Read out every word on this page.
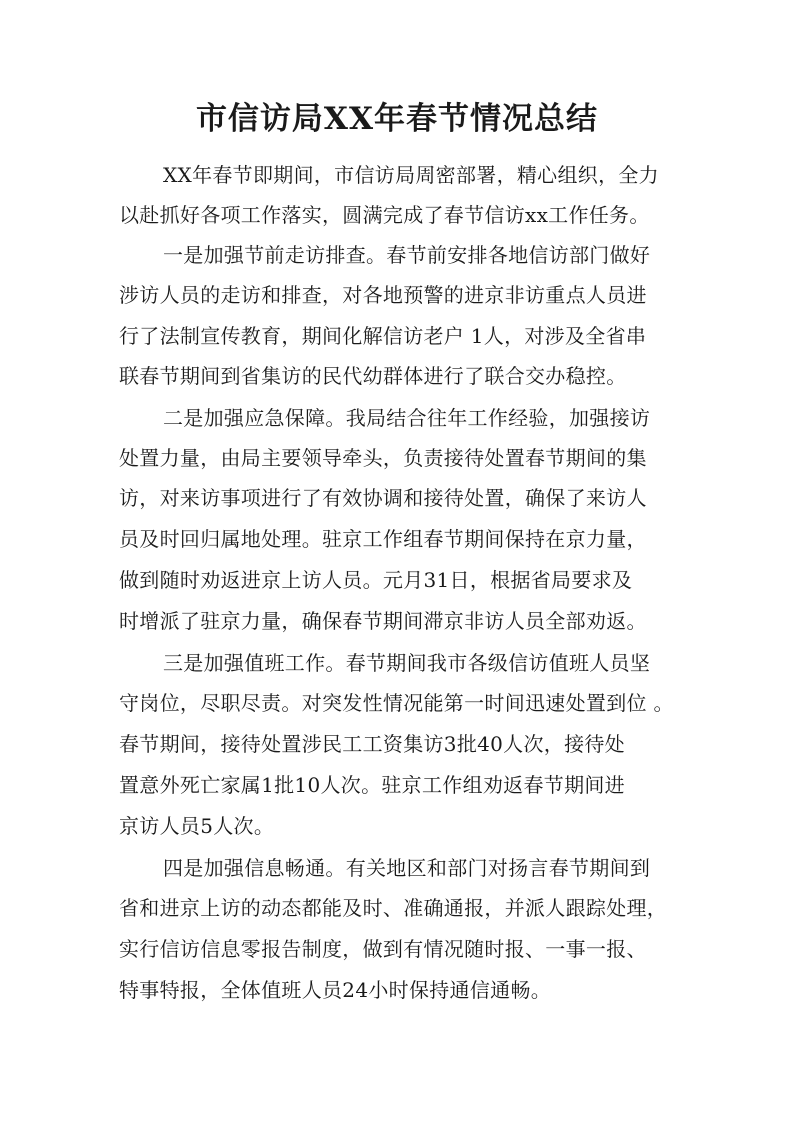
市信访局XX年春节情况总结
XX年春节即期间，市信访局周密部署，精心组织，全力
以赴抓好各项工作落实，圆满完成了春节信访xx工作任务。
一是加强节前走访排查。春节前安排各地信访部门做好
涉访人员的走访和排查，对各地预警的进京非访重点人员进
行了法制宣传教育，期间化解信访老户 1人，对涉及全省串
联春节期间到省集访的民代幼群体进行了联合交办稳控。
二是加强应急保障。我局结合往年工作经验，加强接访
处置力量，由局主要领导牵头，负责接待处置春节期间的集
访，对来访事项进行了有效协调和接待处置，确保了来访人
员及时回归属地处理。驻京工作组春节期间保持在京力量，
做到随时劝返进京上访人员。元月31日，根据省局要求及
时增派了驻京力量，确保春节期间滞京非访人员全部劝返。
三是加强值班工作。春节期间我市各级信访值班人员坚
守岗位，尽职尽责。对突发性情况能第一时间迅速处置到位 。
春节期间，接待处置涉民工工资集访3批40人次，接待处
置意外死亡家属1批10人次。驻京工作组劝返春节期间进
京访人员5人次。
四是加强信息畅通。有关地区和部门对扬言春节期间到
省和进京上访的动态都能及时、准确通报，并派人跟踪处理，
实行信访信息零报告制度，做到有情况随时报、一事一报、
特事特报，全体值班人员24小时保持通信通畅。
